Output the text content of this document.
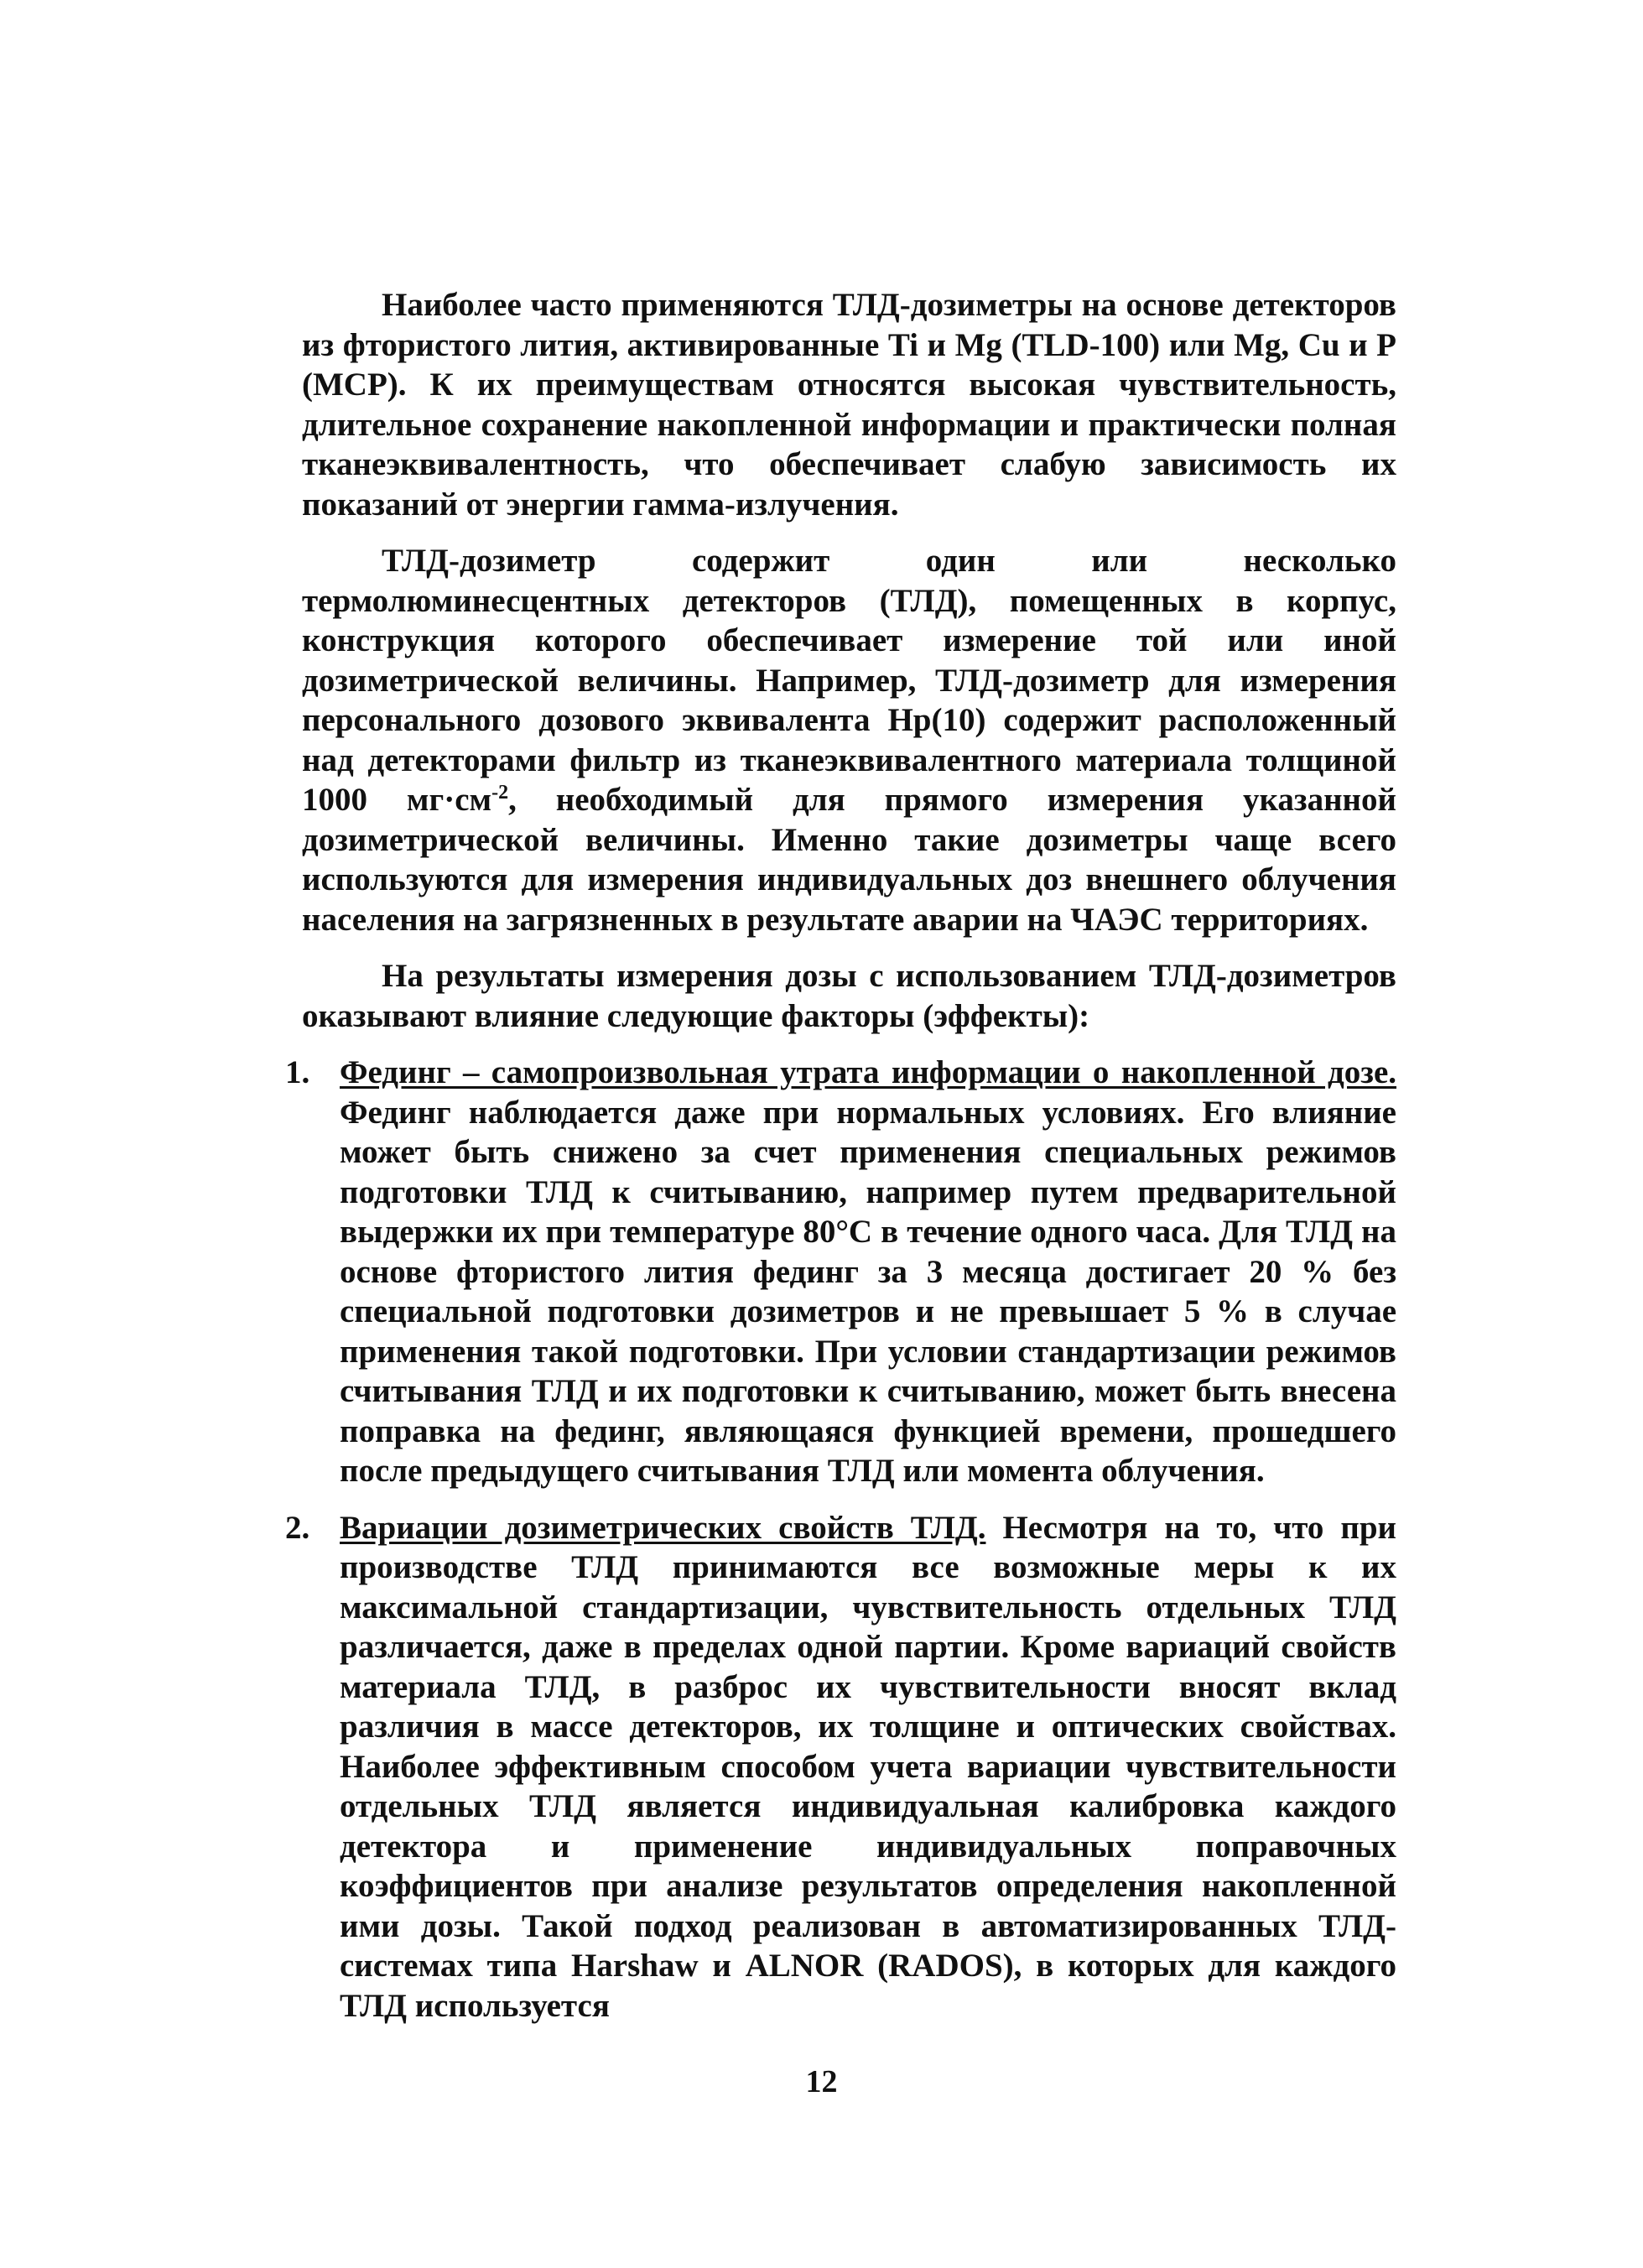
Наиболее часто применяются ТЛД-дозиметры на основе детекторов из фтористого лития, активированные Ti и Mg (TLD-100) или Mg, Cu и P (MCP). К их преимуществам относятся высокая чувствительность, длительное сохранение накопленной информации и практически полная тканеэквивалентность, что обеспечивает слабую зависимость их показаний от энергии гамма-излучения.

ТЛД-дозиметр содержит один или несколько термолюминесцентных детекторов (ТЛД), помещенных в корпус, конструкция которого обеспечивает измерение той или иной дозиметрической величины. Например, ТЛД-дозиметр для измерения персонального дозового эквивалента Hp(10) содержит расположенный над детекторами фильтр из тканеэквивалентного материала толщиной 1000 $мг\cdot см^{-2}$, необходимый для прямого измерения указанной дозиметрической величины. Именно такие дозиметры чаще всего используются для измерения индивидуальных доз внешнего облучения населения на загрязненных в результате аварии на ЧАЭС территориях.

На результаты измерения дозы с использованием ТЛД-дозиметров оказывают влияние следующие факторы (эффекты):

1. Фединг – самопроизвольная утрата информации о накопленной дозе. Фединг наблюдается даже при нормальных условиях. Его влияние может быть снижено за счет применения специальных режимов подготовки ТЛД к считыванию, например путем предварительной выдержки их при температуре 80°С в течение одного часа. Для ТЛД на основе фтористого лития фединг за 3 месяца достигает 20 % без специальной подготовки дозиметров и не превышает 5 % в случае применения такой подготовки. При условии стандартизации режимов считывания ТЛД и их подготовки к считыванию, может быть внесена поправка на фединг, являющаяся функцией времени, прошедшего после предыдущего считывания ТЛД или момента облучения.
2. Вариации дозиметрических свойств ТЛД. Несмотря на то, что при производстве ТЛД принимаются все возможные меры к их максимальной стандартизации, чувствительность отдельных ТЛД различается, даже в пределах одной партии. Кроме вариаций свойств материала ТЛД, в разброс их чувствительности вносят вклад различия в массе детекторов, их толщине и оптических свойствах. Наиболее эффективным способом учета вариации чувствительности отдельных ТЛД является индивидуальная калибровка каждого детектора и применение индивидуальных поправочных коэффициентов при анализе результатов определения накопленной ими дозы. Такой подход реализован в автоматизированных ТЛД-системах типа Harshaw и ALNOR (RADOS), в которых для каждого ТЛД используется
12
